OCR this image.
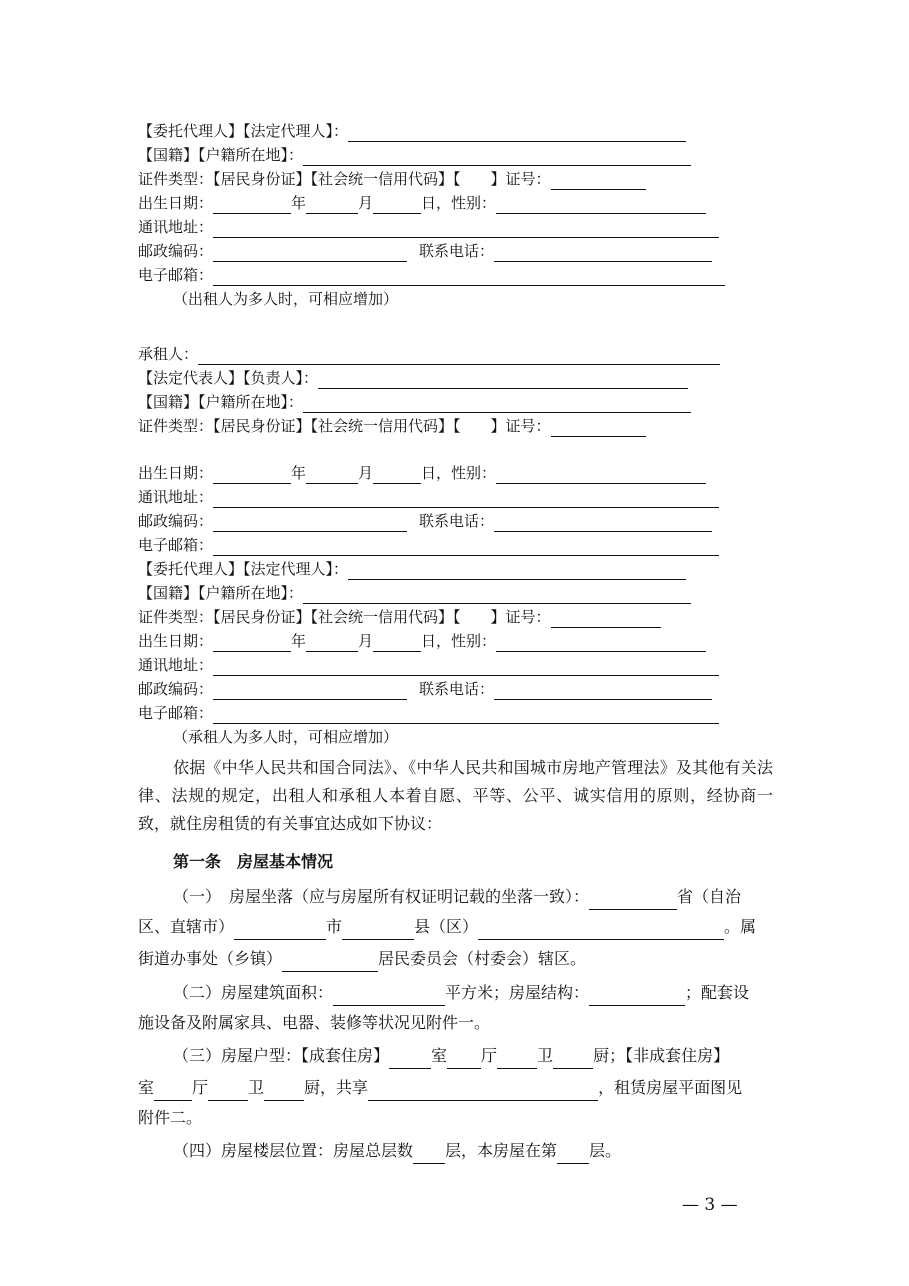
【委托代理人】【法定代理人】：
【国籍】【户籍所在地】：
证件类型：【居民身份证】【社会统一信用代码】【　　】证号：
出生日期：	年	月	日，性别：
通讯地址：
邮政编码：	联系电话：
电子邮箱：
（出租人为多人时，可相应增加）
承租人：
【法定代表人】【负责人】：
【国籍】【户籍所在地】：
证件类型：【居民身份证】【社会统一信用代码】【　　】证号：
出生日期：	年	月	日，性别：
通讯地址：
邮政编码：	联系电话：
电子邮箱：
【委托代理人】【法定代理人】：
【国籍】【户籍所在地】：
证件类型：【居民身份证】【社会统一信用代码】【　　】证号：
出生日期：	年	月	日，性别：
通讯地址：
邮政编码：	联系电话：
电子邮箱：
（承租人为多人时，可相应增加）

依据《中华人民共和国合同法》、《中华人民共和国城市房地产管理法》及其他有关法律、法规的规定，出租人和承租人本着自愿、平等、公平、诚实信用的原则，经协商一致，就住房租赁的有关事宜达成如下协议：

第一条　房屋基本情况
（一）　房屋坐落（应与房屋所有权证明记载的坐落一致）：	省（自治
区、直辖市）	市	县（区）	。属
街道办事处（乡镇）	居民委员会（村委会）辖区。
（二）房屋建筑面积：	平方米；房屋结构：	；配套设
施设备及附属家具、电器、装修等状况见附件一。
（三）房屋户型：【成套住房】	室 厅	卫	厨；【非成套住房】
室 厅	卫	厨，共享	，租赁房屋平面图见
附件二。
（四）房屋楼层位置：房屋总层数 层，本房屋在第 层。
— 3 —
